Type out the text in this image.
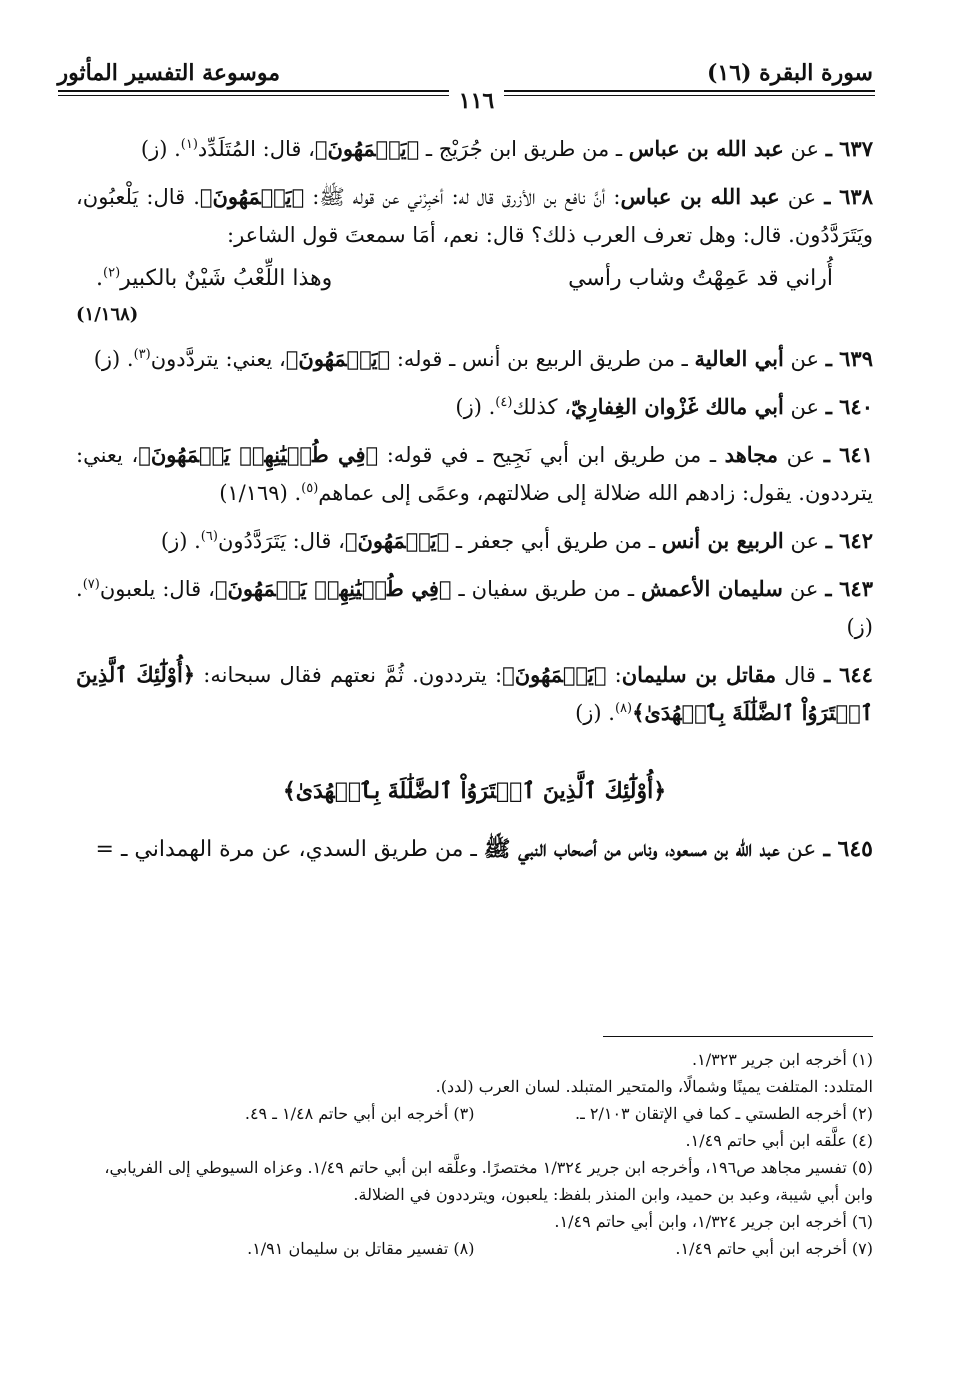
سورة البقرة (١٦)
موسوعة التفسير المأثور
١١٦

٦٣٧ ـ عن عبد الله بن عباس ـ من طريق ابن جُرَيْج ـ ﴿يَعۡمَهُونَ﴾، قال: المُتَلَدِّد$^{(١)}$. (ز)

٦٣٨ ـ عن عبد الله بن عباس: أنَّ نافع بن الأزرق قال له: أخبِرْني عن قوله ﷺ: ﴿يَعۡمَهُونَ﴾. قال: يَلْعبُون، ويَتَرَدَّدُون. قال: وهل تعرف العرب ذلك؟ قال: نعم، أمَا سمعتَ قول الشاعر:
أُراني قد عَمِهْتُ وشاب رأسي
وهذا اللِّعْبُ شَيْنٌ بالكبير$^{(٢)}$.
(١/١٦٨)

٦٣٩ ـ عن أبي العالية ـ من طريق الربيع بن أنس ـ قوله: ﴿يَعۡمَهُونَ﴾، يعني: يتردَّدون$^{(٣)}$. (ز)

٦٤٠ ـ عن أبي مالك غَزْوان الغِفارِيّ، كذلك$^{(٤)}$. (ز)

٦٤١ ـ عن مجاهد ـ من طريق ابن أبي نَجِيح ـ في قوله: ﴿فِي طُغۡيَٰنِهِمۡ يَعۡمَهُونَ﴾، يعني: يترددون. يقول: زادهم الله ضلالة إلى ضلالتهم، وعمًى إلى عماهم$^{(٥)}$. (١/١٦٩)

٦٤٢ ـ عن الربيع بن أنس ـ من طريق أبي جعفر ـ ﴿يَعۡمَهُونَ﴾، قال: يَتَرَدَّدُون$^{(٦)}$. (ز)

٦٤٣ ـ عن سليمان الأعمش ـ من طريق سفيان ـ ﴿فِي طُغۡيَٰنِهِمۡ يَعۡمَهُونَ﴾، قال: يلعبون$^{(٧)}$. (ز)

٦٤٤ ـ قال مقاتل بن سليمان: ﴿يَعۡمَهُونَ﴾: يترددون. ثُمَّ نعتهم فقال سبحانه: ﴿أُوْلَٰٓئِكَ ٱلَّذِينَ ٱشۡتَرَوُاْ ٱلضَّلَٰلَةَ بِٱلۡهُدَىٰ﴾$^{(٨)}$. (ز)

﴿أُوْلَٰٓئِكَ ٱلَّذِينَ ٱشۡتَرَوُاْ ٱلضَّلَٰلَةَ بِٱلۡهُدَىٰ﴾

٦٤٥ ـ عن عبد الله بن مسعود، وناس من أصحاب النبي ﷺ ـ من طريق السدي، عن مرة الهمداني ـ =

(١) أخرجه ابن جرير ١/٣٢٣.

المتلدد: المتلفت يمينًا وشمالًا، والمتحير المتبلد. لسان العرب (لدد).

(٢) أخرجه الطستي ـ كما في الإتقان ٢/١٠٣ ـ.

(٣) أخرجه ابن أبي حاتم ١/٤٨ ـ ٤٩.

(٤) علَّقه ابن أبي حاتم ١/٤٩.

(٥) تفسير مجاهد ص١٩٦، وأخرجه ابن جرير ١/٣٢٤ مختصرًا. وعلَّقه ابن أبي حاتم ١/٤٩. وعزاه السيوطي إلى الفريابي، وابن أبي شيبة، وعبد بن حميد، وابن المنذر بلفظ: يلعبون، ويترددون في الضلالة.

(٦) أخرجه ابن جرير ١/٣٢٤، وابن أبي حاتم ١/٤٩.

(٧) أخرجه ابن أبي حاتم ١/٤٩.

(٨) تفسير مقاتل بن سليمان ١/٩١.
